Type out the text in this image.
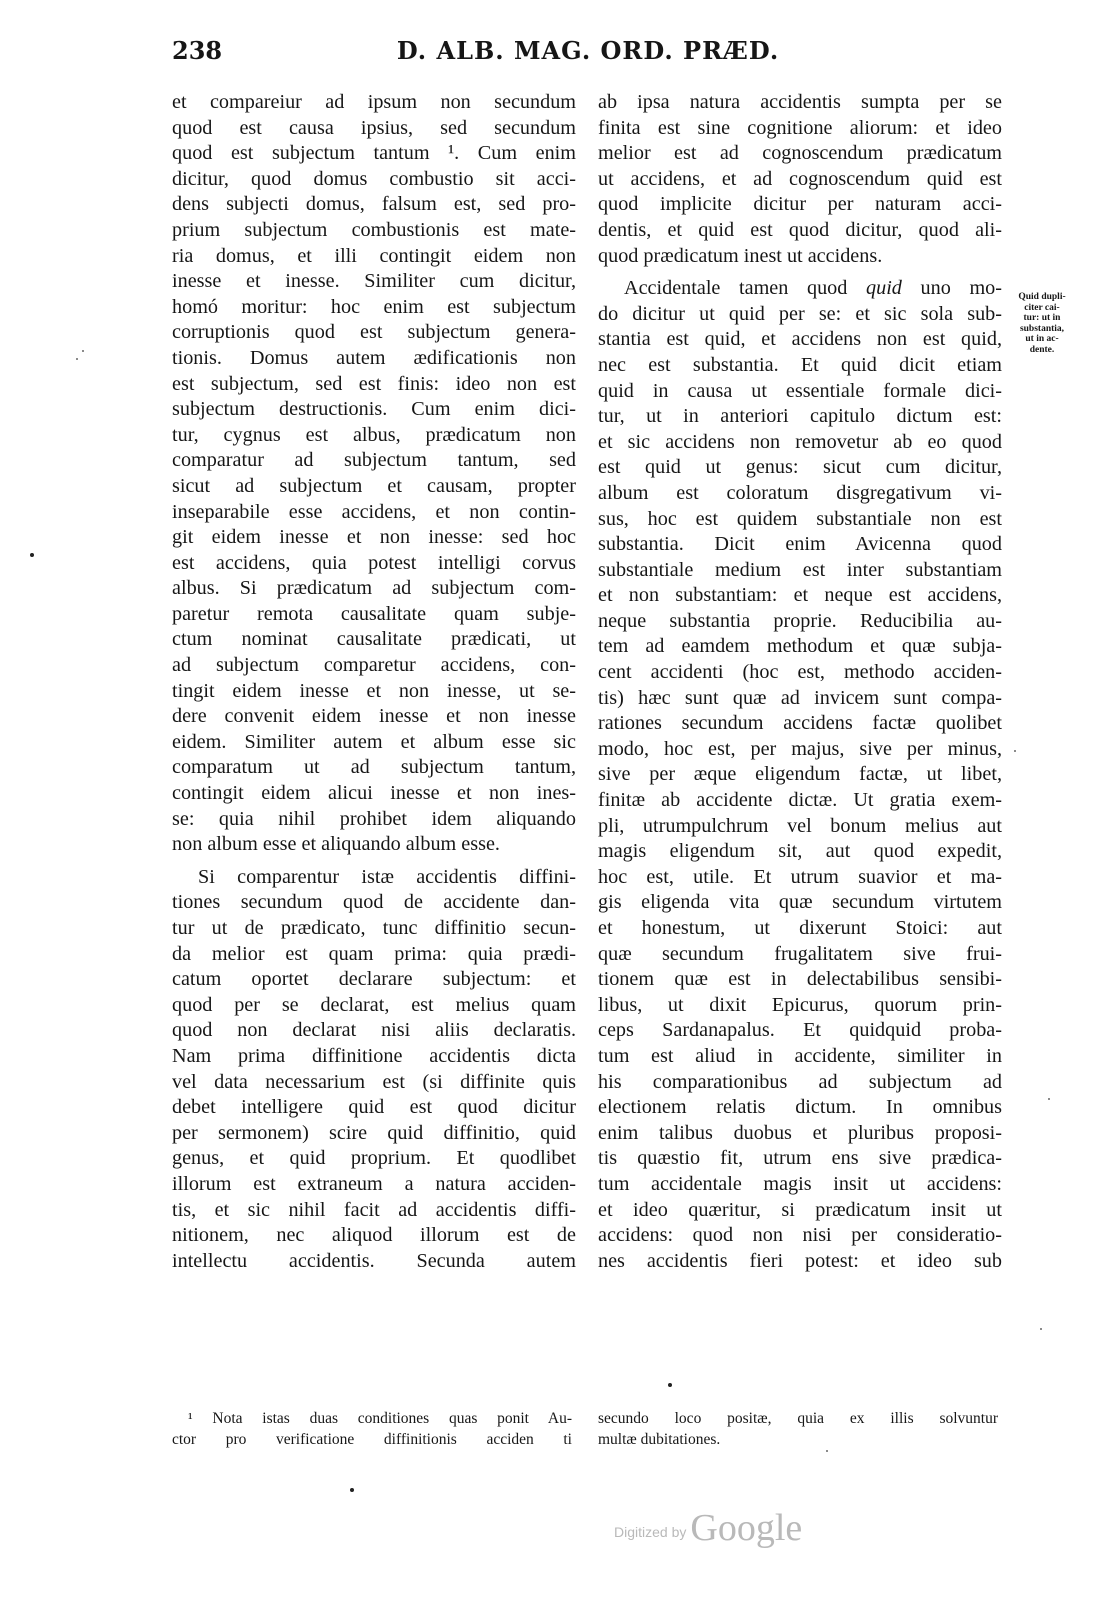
238	D. ALB. MAG. ORD. PRÆD.
et compareiur ad ipsum non secundum
quod est causa ipsius, sed secundum
quod est subjectum tantum ¹. Cum enim
dicitur, quod domus combustio sit acci-
dens subjecti domus, falsum est, sed pro-
prium subjectum combustionis est mate-
ria domus, et illi contingit eidem non
inesse et inesse. Similiter cum dicitur,
homó moritur: hoc enim est subjectum
corruptionis quod est subjectum genera-
tionis. Domus autem ædificationis non
est subjectum, sed est finis: ideo non est
subjectum destructionis. Cum enim dici-
tur, cygnus est albus, prædicatum non
comparatur ad subjectum tantum, sed
sicut ad subjectum et causam, propter
inseparabile esse accidens, et non contin-
git eidem inesse et non inesse: sed hoc
est accidens, quia potest intelligi corvus
albus. Si prædicatum ad subjectum com-
paretur remota causalitate quam subje-
ctum nominat causalitate prædicati, ut
ad subjectum comparetur accidens, con-
tingit eidem inesse et non inesse, ut se-
dere convenit eidem inesse et non inesse
eidem. Similiter autem et album esse sic
comparatum ut ad subjectum tantum,
contingit eidem alicui inesse et non ines-
se: quia nihil prohibet idem aliquando
non album esse et aliquando album esse.
Si comparentur istæ accidentis diffini-
tiones secundum quod de accidente dan-
tur ut de prædicato, tunc diffinitio secun-
da melior est quam prima: quia prædi-
catum oportet declarare subjectum: et
quod per se declarat, est melius quam
quod non declarat nisi aliis declaratis.
Nam prima diffinitione accidentis dicta
vel data necessarium est (si diffinite quis
debet intelligere quid est quod dicitur
per sermonem) scire quid diffinitio, quid
genus, et quid proprium. Et quodlibet
illorum est extraneum a natura acciden-
tis, et sic nihil facit ad accidentis diffi-
nitionem, nec aliquod illorum est de
intellectu accidentis. Secunda autem
ab ipsa natura accidentis sumpta per se
finita est sine cognitione aliorum: et ideo
melior est ad cognoscendum prædicatum
ut accidens, et ad cognoscendum quid est
quod implicite dicitur per naturam acci-
dentis, et quid est quod dicitur, quod ali-
quod prædicatum inest ut accidens.
Accidentale tamen quod quid uno mo-
do dicitur ut quid per se: et sic sola sub-
stantia est quid, et accidens non est quid,
nec est substantia. Et quid dicit etiam
quid in causa ut essentiale formale dici-
tur, ut in anteriori capitulo dictum est:
et sic accidens non removetur ab eo quod
est quid ut genus: sicut cum dicitur,
album est coloratum disgregativum vi-
sus, hoc est quidem substantiale non est
substantia. Dicit enim Avicenna quod
substantiale medium est inter substantiam
et non substantiam: et neque est accidens,
neque substantia proprie. Reducibilia au-
tem ad eamdem methodum et quæ subja-
cent accidenti (hoc est, methodo acciden-
tis) hæc sunt quæ ad invicem sunt compa-
rationes secundum accidens factæ quolibet
modo, hoc est, per majus, sive per minus,
sive per æque eligendum factæ, ut libet,
finitæ ab accidente dictæ. Ut gratia exem-
pli, utrumpulchrum vel bonum melius aut
magis eligendum sit, aut quod expedit,
hoc est, utile. Et utrum suavior et ma-
gis eligenda vita quæ secundum virtutem
et honestum, ut dixerunt Stoici: aut
quæ secundum frugalitatem sive frui-
tionem quæ est in delectabilibus sensibi-
libus, ut dixit Epicurus, quorum prin-
ceps Sardanapalus. Et quidquid proba-
tum est aliud in accidente, similiter in
his comparationibus ad subjectum ad
electionem relatis dictum. In omnibus
enim talibus duobus et pluribus proposi-
tis quæstio fit, utrum ens sive prædica-
tum accidentale magis insit ut accidens:
et ideo quæritur, si prædicatum insit ut
accidens: quod non nisi per consideratio-
nes accidentis fieri potest: et ideo sub
Quid dupli-
citer cai-
tur: ut in
substantia,
ut in ac-
dente.
¹ Nota istas duas conditiones quas ponit Au-
ctor pro verificatione diffinitionis acciden ti
secundo loco positæ, quia ex illis solvuntur
multæ dubitationes.
Digitized by Google
